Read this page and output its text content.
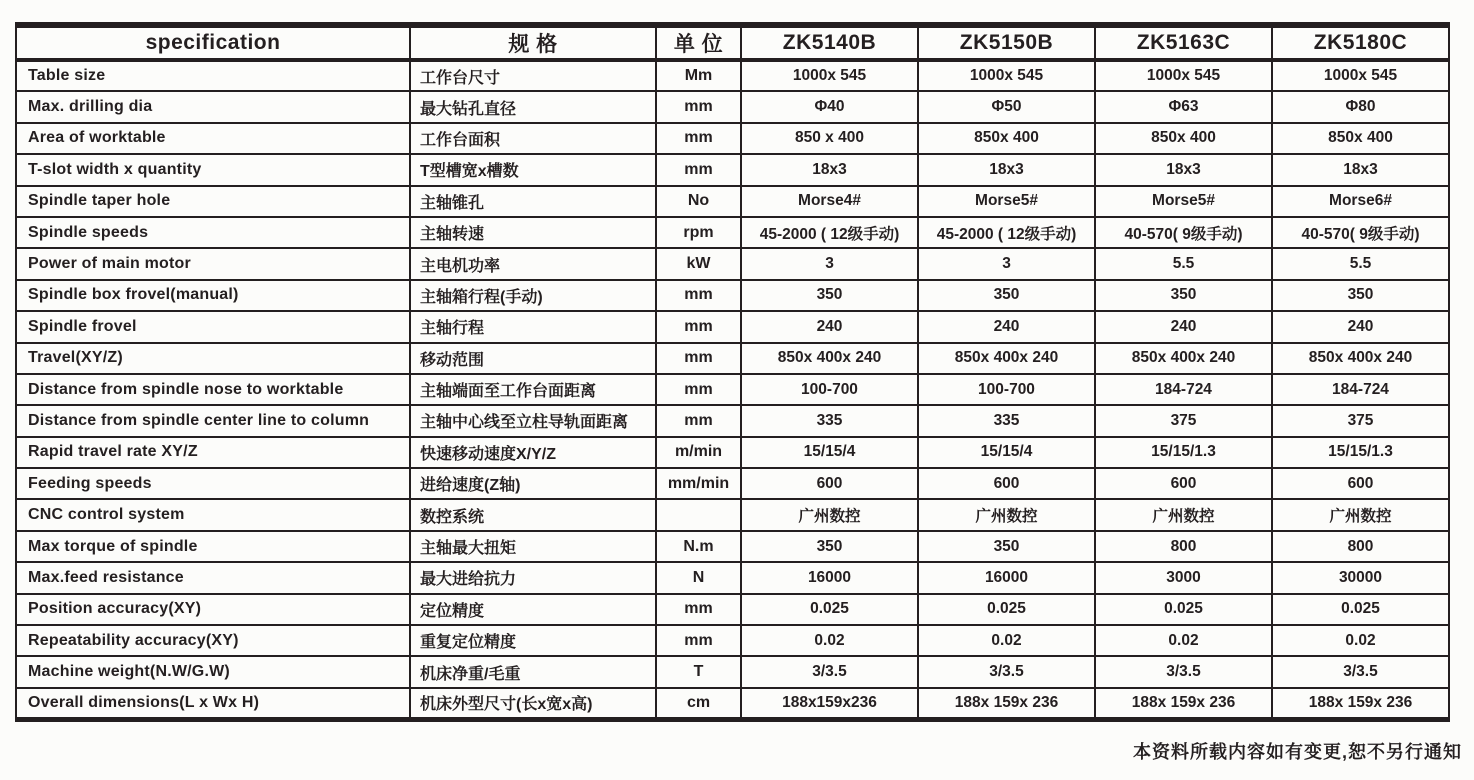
specification	规 格	单 位	ZK5140B	ZK5150B	ZK5163C	ZK5180C
Table size	工作台尺寸	Mm	1000x 545	1000x 545	1000x 545	1000x 545
Max. drilling dia	最大钻孔直径	mm	Φ40	Φ50	Φ63	Φ80
Area of worktable	工作台面积	mm	850 x 400	850x 400	850x 400	850x 400
T-slot width x quantity	T型槽宽x槽数	mm	18x3	18x3	18x3	18x3
Spindle taper hole	主轴锥孔	No	Morse4#	Morse5#	Morse5#	Morse6#
Spindle speeds	主轴转速	rpm	45-2000 ( 12级手动)	45-2000 ( 12级手动)	40-570( 9级手动)	40-570( 9级手动)
Power of main motor	主电机功率	kW	3	3	5.5	5.5
Spindle box frovel(manual)	主轴箱行程(手动)	mm	350	350	350	350
Spindle frovel	主轴行程	mm	240	240	240	240
Travel(XY/Z)	移动范围	mm	850x 400x 240	850x 400x 240	850x 400x 240	850x 400x 240
Distance from spindle nose to worktable	主轴端面至工作台面距离	mm	100-700	100-700	184-724	184-724
Distance from spindle center line to column	主轴中心线至立柱导轨面距离	mm	335	335	375	375
Rapid travel rate XY/Z	快速移动速度X/Y/Z	m/min	15/15/4	15/15/4	15/15/1.3	15/15/1.3
Feeding speeds	进给速度(Z轴)	mm/min	600	600	600	600
CNC control system	数控系统		广州数控	广州数控	广州数控	广州数控
Max torque of spindle	主轴最大扭矩	N.m	350	350	800	800
Max.feed resistance	最大进给抗力	N	16000	16000	3000	30000
Position accuracy(XY)	定位精度	mm	0.025	0.025	0.025	0.025
Repeatability accuracy(XY)	重复定位精度	mm	0.02	0.02	0.02	0.02
Machine weight(N.W/G.W)	机床净重/毛重	T	3/3.5	3/3.5	3/3.5	3/3.5
Overall dimensions(L x Wx H)	机床外型尺寸(长x宽x高)	cm	188x159x236	188x 159x 236	188x 159x 236	188x 159x 236
本资料所载内容如有变更,恕不另行通知
